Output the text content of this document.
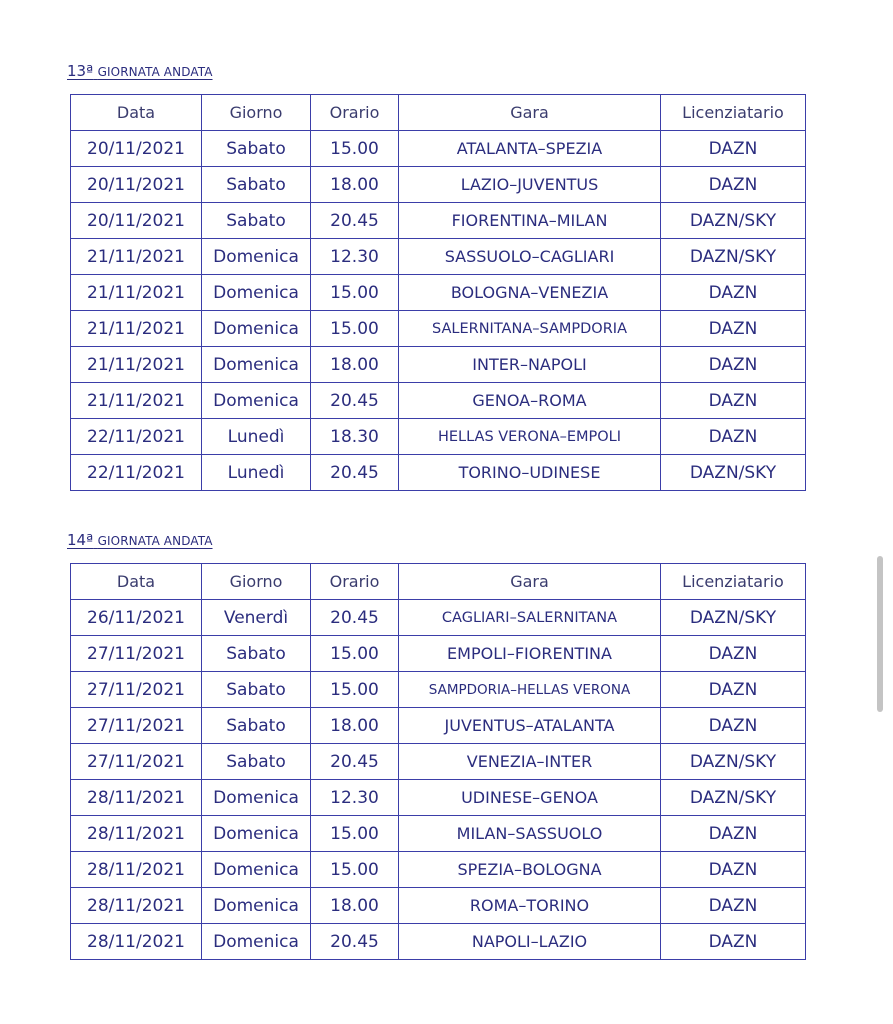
13ª GIORNATA ANDATA
Data	Giorno	Orario	Gara	Licenziatario
20/11/2021	Sabato	15.00	ATALANTA–SPEZIA	DAZN
20/11/2021	Sabato	18.00	LAZIO–JUVENTUS	DAZN
20/11/2021	Sabato	20.45	FIORENTINA–MILAN	DAZN/SKY
21/11/2021	Domenica	12.30	SASSUOLO–CAGLIARI	DAZN/SKY
21/11/2021	Domenica	15.00	BOLOGNA–VENEZIA	DAZN
21/11/2021	Domenica	15.00	SALERNITANA–SAMPDORIA	DAZN
21/11/2021	Domenica	18.00	INTER–NAPOLI	DAZN
21/11/2021	Domenica	20.45	GENOA–ROMA	DAZN
22/11/2021	Lunedì	18.30	HELLAS VERONA–EMPOLI	DAZN
22/11/2021	Lunedì	20.45	TORINO–UDINESE	DAZN/SKY
14ª GIORNATA ANDATA
Data	Giorno	Orario	Gara	Licenziatario
26/11/2021	Venerdì	20.45	CAGLIARI–SALERNITANA	DAZN/SKY
27/11/2021	Sabato	15.00	EMPOLI–FIORENTINA	DAZN
27/11/2021	Sabato	15.00	SAMPDORIA–HELLAS VERONA	DAZN
27/11/2021	Sabato	18.00	JUVENTUS–ATALANTA	DAZN
27/11/2021	Sabato	20.45	VENEZIA–INTER	DAZN/SKY
28/11/2021	Domenica	12.30	UDINESE–GENOA	DAZN/SKY
28/11/2021	Domenica	15.00	MILAN–SASSUOLO	DAZN
28/11/2021	Domenica	15.00	SPEZIA–BOLOGNA	DAZN
28/11/2021	Domenica	18.00	ROMA–TORINO	DAZN
28/11/2021	Domenica	20.45	NAPOLI–LAZIO	DAZN
